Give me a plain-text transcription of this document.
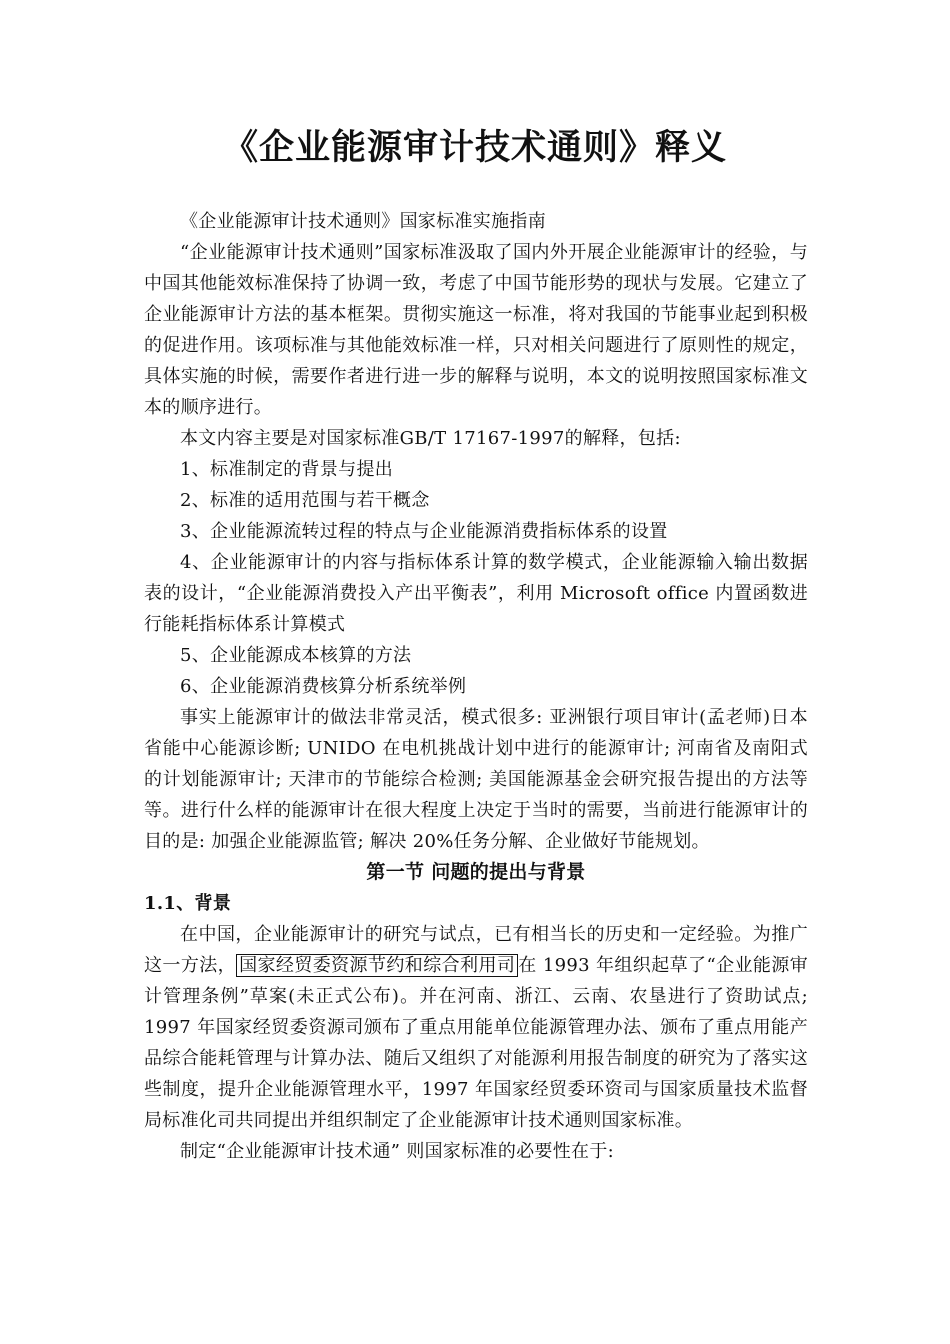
《企业能源审计技术通则》释义

《企业能源审计技术通则》国家标准实施指南

“企业能源审计技术通则”国家标准汲取了国内外开展企业能源审计的经验，与中国其他能效标准保持了协调一致，考虑了中国节能形势的现状与发展。它建立了企业能源审计方法的基本框架。贯彻实施这一标准，将对我国的节能事业起到积极的促进作用。该项标准与其他能效标准一样，只对相关问题进行了原则性的规定，具体实施的时候，需要作者进行进一步的解释与说明，本文的说明按照国家标准文本的顺序进行。

本文内容主要是对国家标准GB/T 17167-1997的解释，包括:

1、标准制定的背景与提出

2、标准的适用范围与若干概念

3、企业能源流转过程的特点与企业能源消费指标体系的设置

4、企业能源审计的内容与指标体系计算的数学模式，企业能源输入输出数据表的设计，“企业能源消费投入产出平衡表”，利用 Microsoft office 内置函数进行能耗指标体系计算模式

5、企业能源成本核算的方法

6、企业能源消费核算分析系统举例

事实上能源审计的做法非常灵活，模式很多: 亚洲银行项目审计(孟老师)日本省能中心能源诊断; UNIDO 在电机挑战计划中进行的能源审计; 河南省及南阳式的计划能源审计; 天津市的节能综合检测; 美国能源基金会研究报告提出的方法等等。进行什么样的能源审计在很大程度上决定于当时的需要，当前进行能源审计的目的是: 加强企业能源监管; 解决 20%任务分解、企业做好节能规划。

第一节 问题的提出与背景
1.1、背景

在中国，企业能源审计的研究与试点，已有相当长的历史和一定经验。为推广这一方法， 国家经贸委资源节约和综合利用司 在 1993 年组织起草了“企业能源审计管理条例”草案(未正式公布)。并在河南、浙江、云南、农垦进行了资助试点; 1997 年国家经贸委资源司颁布了重点用能单位能源管理办法、颁布了重点用能产品综合能耗管理与计算办法、随后又组织了对能源利用报告制度的研究为了落实这些制度，提升企业能源管理水平，1997 年国家经贸委环资司与国家质量技术监督局标准化司共同提出并组织制定了企业能源审计技术通则国家标准。

制定“企业能源审计技术通” 则国家标准的必要性在于:
